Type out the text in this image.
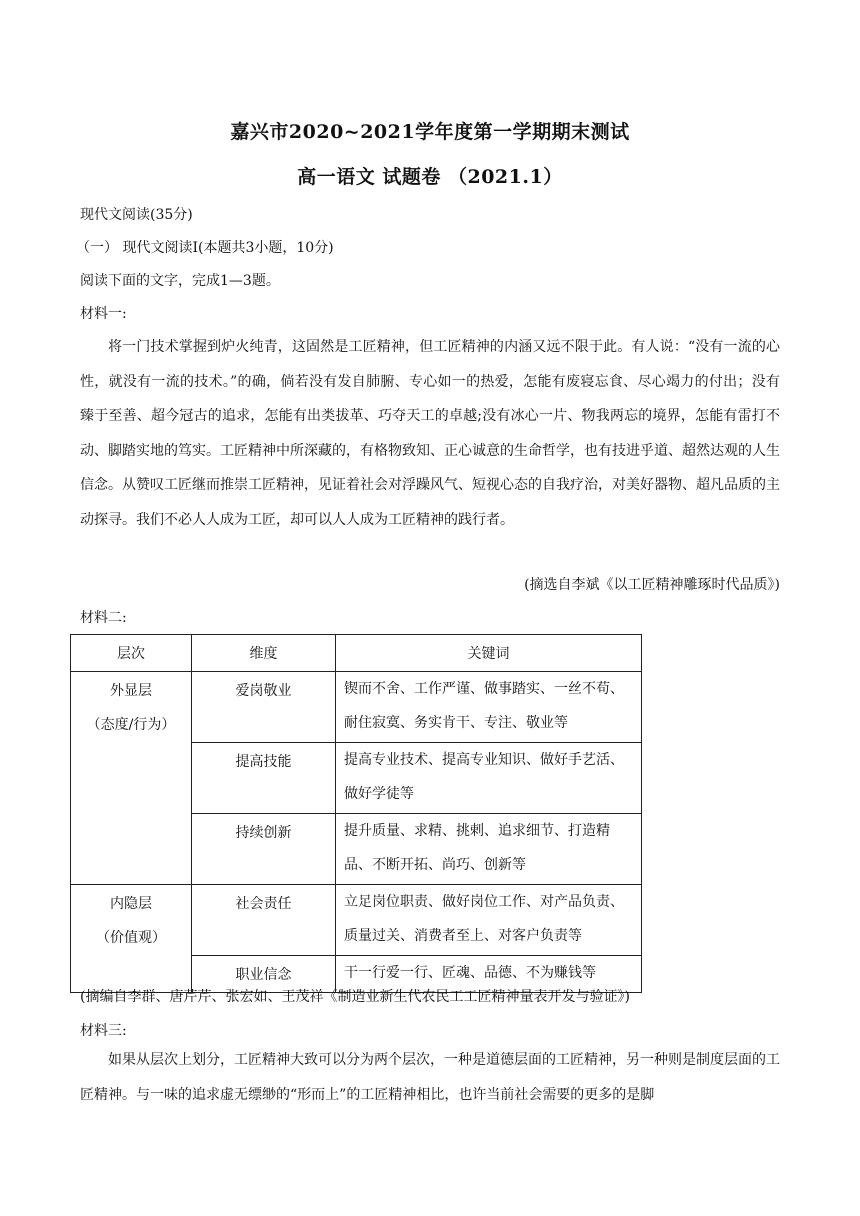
嘉兴市2020~2021学年度第一学期期末测试
高一语文 试题卷 （2021.1）
现代文阅读(35分)
（一） 现代文阅读Ⅰ(本题共3小题，10分)
阅读下面的文字，完成1—3题。
材料一:
将一门技术掌握到炉火纯青，这固然是工匠精神，但工匠精神的内涵又远不限于此。有人说：“没有一流的心性，就没有一流的技术。”的确，倘若没有发自肺腑、专心如一的热爱，怎能有废寝忘食、尽心竭力的付出；没有臻于至善、超今冠古的追求，怎能有出类拔革、巧夺天工的卓越;没有冰心一片、物我两忘的境界，怎能有雷打不动、脚踏实地的笃实。工匠精神中所深藏的，有格物致知、正心诚意的生命哲学，也有技进乎道、超然达观的人生信念。从赞叹工匠继而推崇工匠精神，见证着社会对浮躁风气、短视心态的自我疗治，对美好器物、超凡品质的主动探寻。我们不必人人成为工匠，却可以人人成为工匠精神的践行者。
(摘选自李斌《以工匠精神雕琢时代品质》)
材料二:
层次	维度	关键词

外显层
（态度/行为）	爱岗敬业	锲而不舍、工作严谨、做事踏实、一丝不苟、耐住寂寞、务实肯干、专注、敬业等
	提高技能	提高专业技术、提高专业知识、做好手艺活、做好学徒等
	持续创新	提升质量、求精、挑剌、追求细节、打造精品、不断开拓、尚巧、创新等

内隐层
（价值观）	社会责任	立足岗位职责、做好岗位工作、对产品负责、质量过关、消费者至上、对客户负责等
	职业信念	干一行爱一行、匠魂、品德、不为赚钱等
(摘编自李群、唐芹芹、张宏如、王茂祥《制造业新生代农民工工匠精神量表开发与验证》)
材料三:
如果从层次上划分，工匠精神大致可以分为两个层次，一种是道德层面的工匠精神，另一种则是制度层面的工匠精神。与一味的追求虚无缥缈的“形而上”的工匠精神相比，也许当前社会需要的更多的是脚
